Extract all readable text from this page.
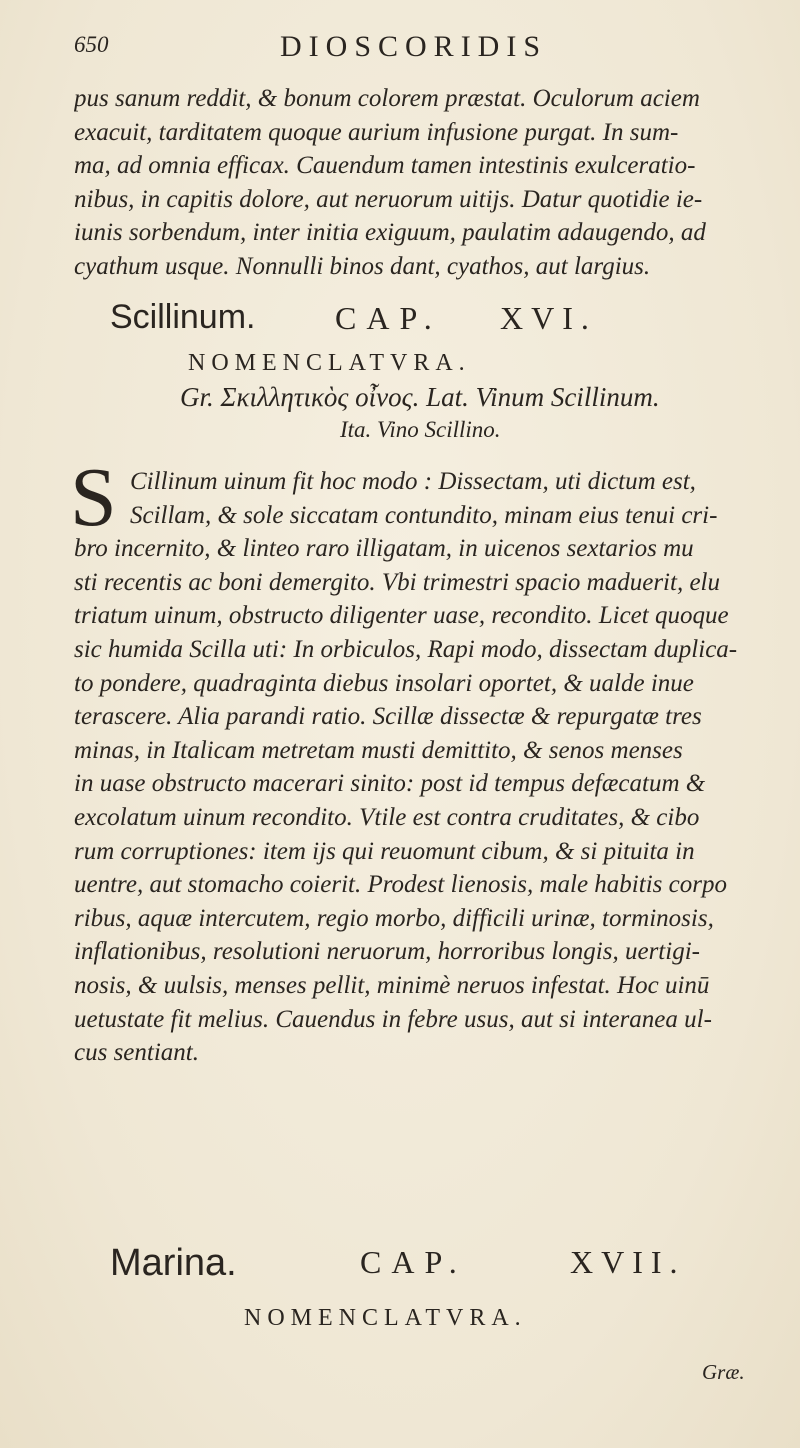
650	DIOSCORIDIS
pus sanum reddit, & bonum colorem præstat. Oculorum aciem
exacuit, tarditatem quoque aurium infusione purgat. In sum-
ma, ad omnia efficax. Cauendum tamen intestinis exulceratio-
nibus, in capitis dolore, aut neruorum uitijs. Datur quotidie ie-
iunis sorbendum, inter initia exiguum, paulatim adaugendo, ad
cyathum usque. Nonnulli binos dant, cyathos, aut largius.
Scillinum. CAP. XVI.
NOMENCLATVRA.
Gr. Σκιλλητικὸς οἶνος. Lat. Vinum Scillinum.
Ita. Vino Scillino.
S Cillinum uinum fit hoc modo : Dissectam, uti dictum est,
Scillam, & sole siccatam contundito, minam eius tenui cri-
bro incernito, & linteo raro illigatam, in uicenos sextarios mu
sti recentis ac boni demergito. Vbi trimestri spacio maduerit, elu
triatum uinum, obstructo diligenter uase, recondito. Licet quoque
sic humida Scilla uti: In orbiculos, Rapi modo, dissectam duplica-
to pondere, quadraginta diebus insolari oportet, & ualde inue
terascere. Alia parandi ratio. Scillæ dissectæ & repurgatæ tres
minas, in Italicam metretam musti demittito, & senos menses
in uase obstructo macerari sinito: post id tempus defæcatum &
excolatum uinum recondito. Vtile est contra cruditates, & cibo
rum corruptiones: item ijs qui reuomunt cibum, & si pituita in
uentre, aut stomacho coierit. Prodest lienosis, male habitis corpo
ribus, aquæ intercutem, regio morbo, difficili urinæ, torminosis,
inflationibus, resolutioni neruorum, horroribus longis, uertigi-
nosis, & uulsis, menses pellit, minimè neruos infestat. Hoc uinū
uetustate fit melius. Cauendus in febre usus, aut si interanea ul-
cus sentiant.
Marina.	CAP.	XVII.
NOMENCLATVRA.
Græ.
